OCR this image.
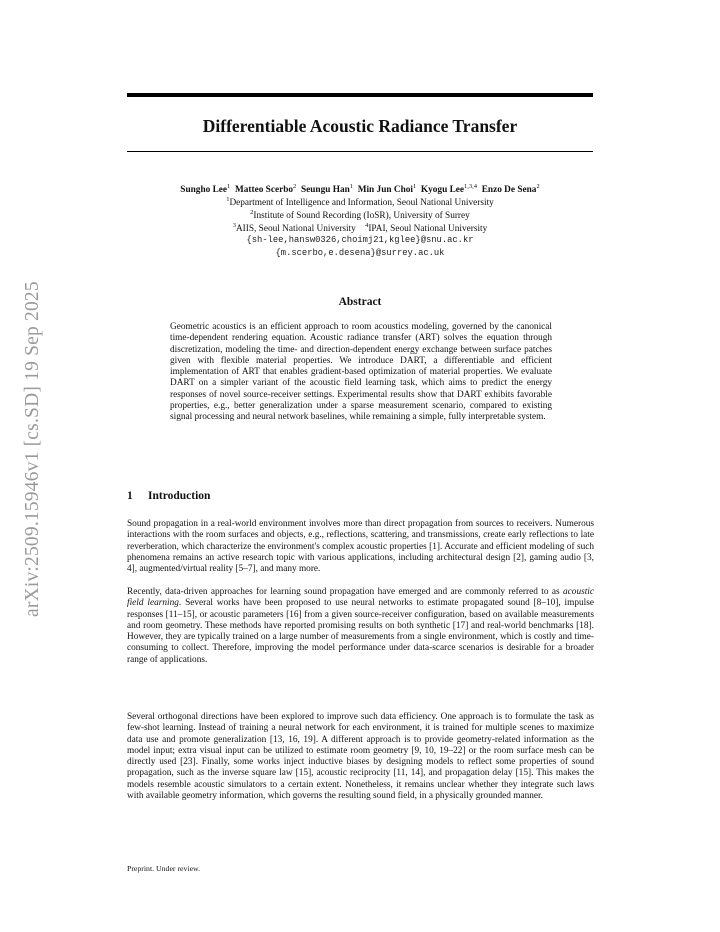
arXiv:2509.15946v1 [cs.SD] 19 Sep 2025
Differentiable Acoustic Radiance Transfer
Sungho Lee$^1$ Matteo Scerbo$^2$ Seungu Han$^1$ Min Jun Choi$^1$ Kyogu Lee$^{1,3,4}$ Enzo De Sena$^2$
$^1$Department of Intelligence and Information, Seoul National University
$^2$Institute of Sound Recording (IoSR), University of Surrey
$^3$AIIS, Seoul National University $^4$IPAI, Seoul National University
{sh-lee,hansw0326,choimj21,kglee}@snu.ac.kr
{m.scerbo,e.desena}@surrey.ac.uk
Abstract
Geometric acoustics is an efficient approach to room acoustics modeling, governed by the canonical time-dependent rendering equation. Acoustic radiance transfer (ART) solves the equation through discretization, modeling the time- and direction-dependent energy exchange between surface patches given with flexible material properties. We introduce DART, a differentiable and efficient implementation of ART that enables gradient-based optimization of material properties. We evaluate DART on a simpler variant of the acoustic field learning task, which aims to predict the energy responses of novel source-receiver settings. Experimental results show that DART exhibits favorable properties, e.g., better generalization under a sparse measurement scenario, compared to existing signal processing and neural network baselines, while remaining a simple, fully interpretable system.
1 Introduction
Sound propagation in a real-world environment involves more than direct propagation from sources to receivers. Numerous interactions with the room surfaces and objects, e.g., reflections, scattering, and transmissions, create early reflections to late reverberation, which characterize the environment's complex acoustic properties [1]. Accurate and efficient modeling of such phenomena remains an active research topic with various applications, including architectural design [2], gaming audio [3, 4], augmented/virtual reality [5–7], and many more.
Recently, data-driven approaches for learning sound propagation have emerged and are commonly referred to as acoustic field learning. Several works have been proposed to use neural networks to estimate propagated sound [8–10], impulse responses [11–15], or acoustic parameters [16] from a given source-receiver configuration, based on available measurements and room geometry. These methods have reported promising results on both synthetic [17] and real-world benchmarks [18]. However, they are typically trained on a large number of measurements from a single environment, which is costly and time-consuming to collect. Therefore, improving the model performance under data-scarce scenarios is desirable for a broader range of applications.
Several orthogonal directions have been explored to improve such data efficiency. One approach is to formulate the task as few-shot learning. Instead of training a neural network for each environment, it is trained for multiple scenes to maximize data use and promote generalization [13, 16, 19]. A different approach is to provide geometry-related information as the model input; extra visual input can be utilized to estimate room geometry [9, 10, 19–22] or the room surface mesh can be directly used [23]. Finally, some works inject inductive biases by designing models to reflect some properties of sound propagation, such as the inverse square law [15], acoustic reciprocity [11, 14], and propagation delay [15]. This makes the models resemble acoustic simulators to a certain extent. Nonetheless, it remains unclear whether they integrate such laws with available geometry information, which governs the resulting sound field, in a physically grounded manner.
Preprint. Under review.
